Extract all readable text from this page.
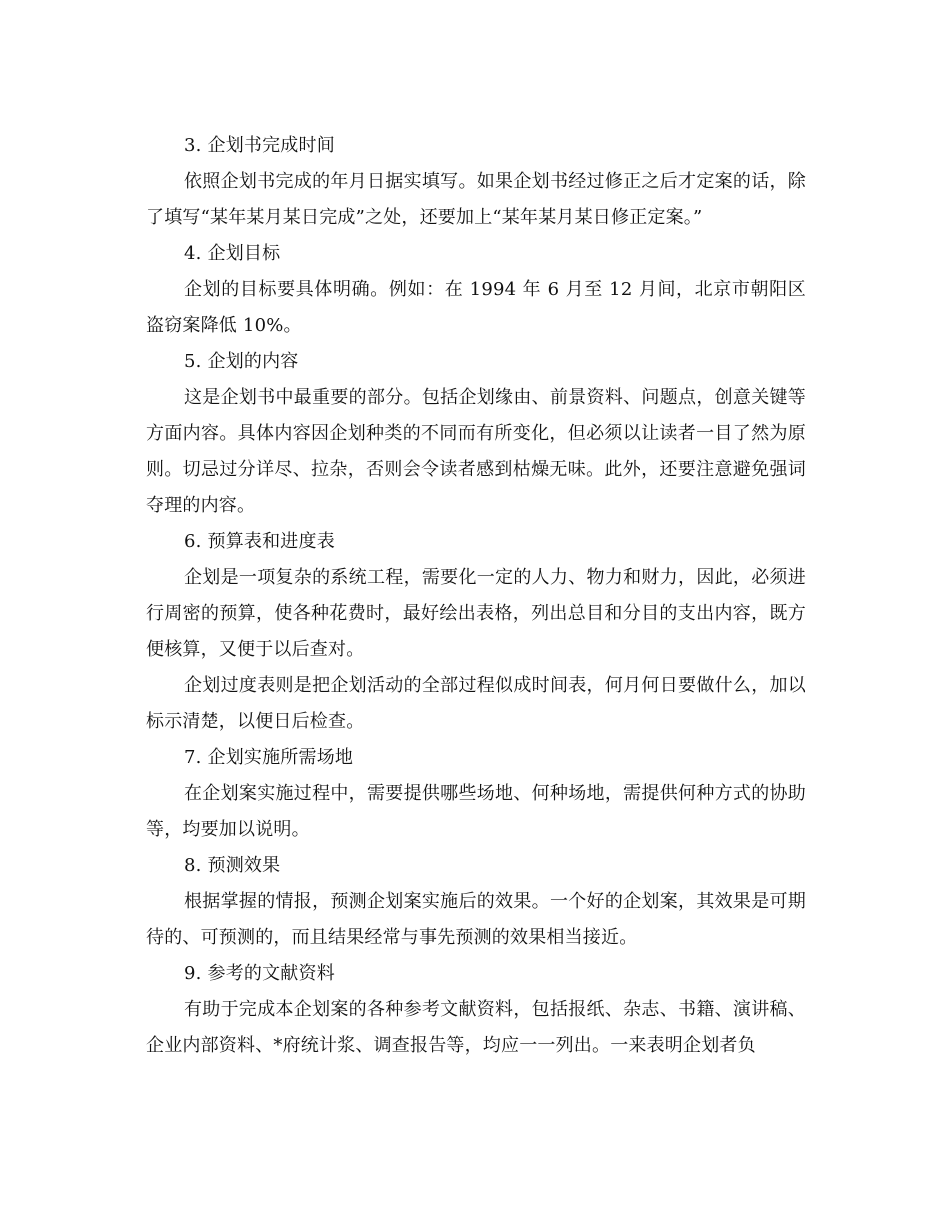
3. 企划书完成时间

依照企划书完成的年月日据实填写。如果企划书经过修正之后才定案的话，除了填写“某年某月某日完成”之处，还要加上“某年某月某日修正定案。”

4. 企划目标

企划的目标要具体明确。例如：在 1994 年 6 月至 12 月间，北京市朝阳区盗窃案降低 10%。

5. 企划的内容

这是企划书中最重要的部分。包括企划缘由、前景资料、问题点，创意关键等方面内容。具体内容因企划种类的不同而有所变化，但必须以让读者一目了然为原则。切忌过分详尽、拉杂，否则会令读者感到枯燥无味。此外，还要注意避免强词夺理的内容。

6. 预算表和进度表

企划是一项复杂的系统工程，需要化一定的人力、物力和财力，因此，必须进行周密的预算，使各种花费时，最好绘出表格，列出总目和分目的支出内容，既方便核算，又便于以后查对。

企划过度表则是把企划活动的全部过程似成时间表，何月何日要做什么，加以标示清楚，以便日后检查。

7. 企划实施所需场地

在企划案实施过程中，需要提供哪些场地、何种场地，需提供何种方式的协助等，均要加以说明。

8. 预测效果

根据掌握的情报，预测企划案实施后的效果。一个好的企划案，其效果是可期待的、可预测的，而且结果经常与事先预测的效果相当接近。

9. 参考的文献资料

有助于完成本企划案的各种参考文献资料，包括报纸、杂志、书籍、演讲稿、企业内部资料、*府统计浆、调查报告等，均应一一列出。一来表明企划者负
